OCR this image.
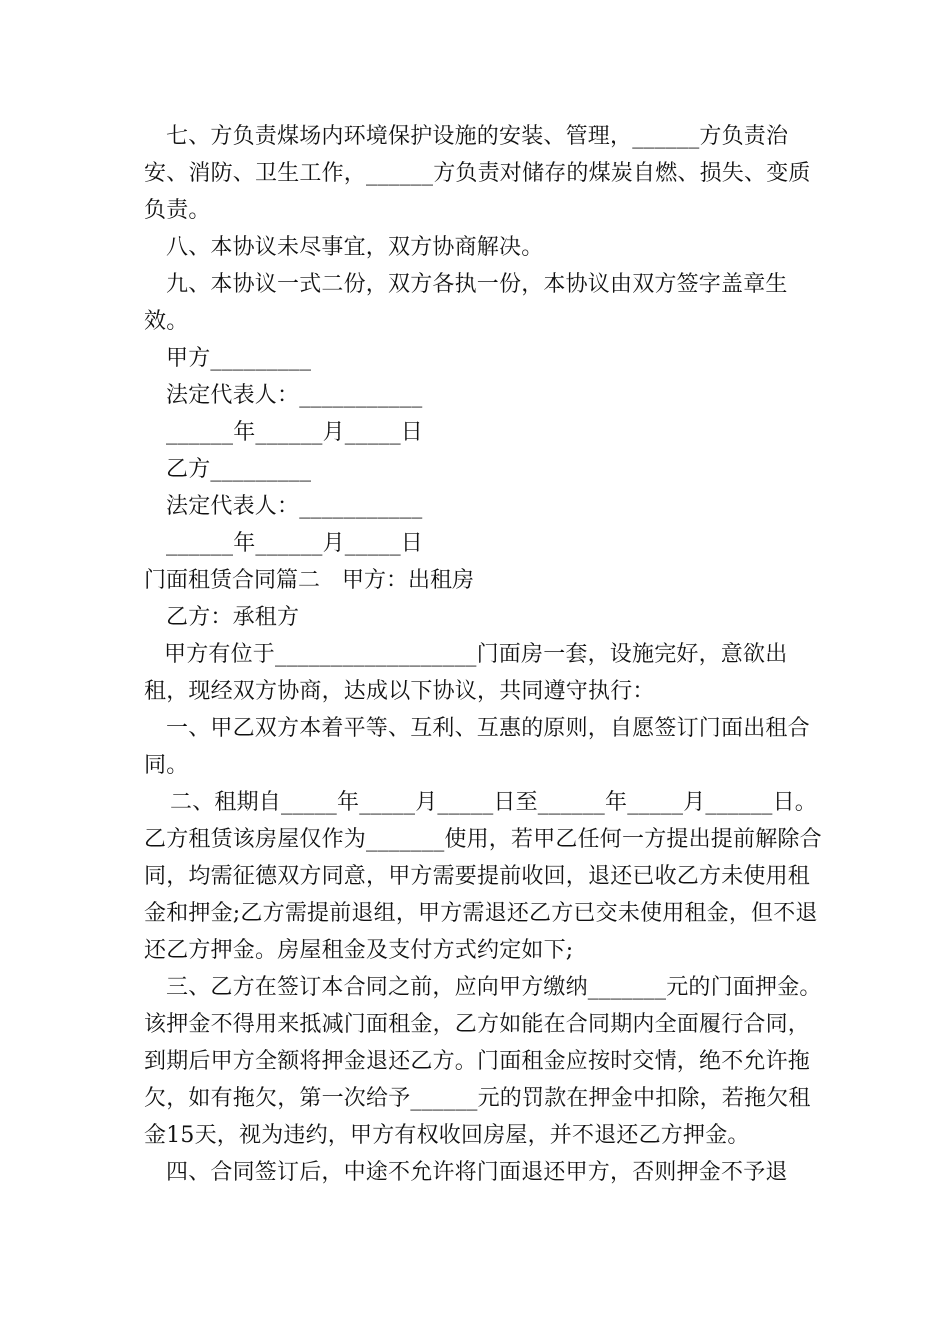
七、方负责煤场内环境保护设施的安装、管理，______方负责治安、消防、卫生工作，______方负责对储存的煤炭自燃、损失、变质负责。

八、本协议未尽事宜，双方协商解决。

九、本协议一式二份，双方各执一份，本协议由双方签字盖章生效。

甲方_________

法定代表人：___________

______年______月_____日

乙方_________

法定代表人：___________

______年______月_____日

门面租赁合同篇二　甲方：出租房

乙方：承租方

甲方有位于__________________门面房一套，设施完好，意欲出租，现经双方协商，达成以下协议，共同遵守执行：

一、甲乙双方本着平等、互利、互惠的原则，自愿签订门面出租合同。

二、租期自_____年_____月_____日至______年_____月______日。乙方租赁该房屋仅作为_______使用，若甲乙任何一方提出提前解除合同，均需征德双方同意，甲方需要提前收回，退还已收乙方未使用租金和押金;乙方需提前退组，甲方需退还乙方已交未使用租金，但不退还乙方押金。房屋租金及支付方式约定如下;

三、乙方在签订本合同之前，应向甲方缴纳_______元的门面押金。该押金不得用来抵减门面租金，乙方如能在合同期内全面履行合同，到期后甲方全额将押金退还乙方。门面租金应按时交情，绝不允许拖欠，如有拖欠，第一次给予______元的罚款在押金中扣除，若拖欠租金15天，视为违约，甲方有权收回房屋，并不退还乙方押金。

四、合同签订后，中途不允许将门面退还甲方，否则押金不予退
